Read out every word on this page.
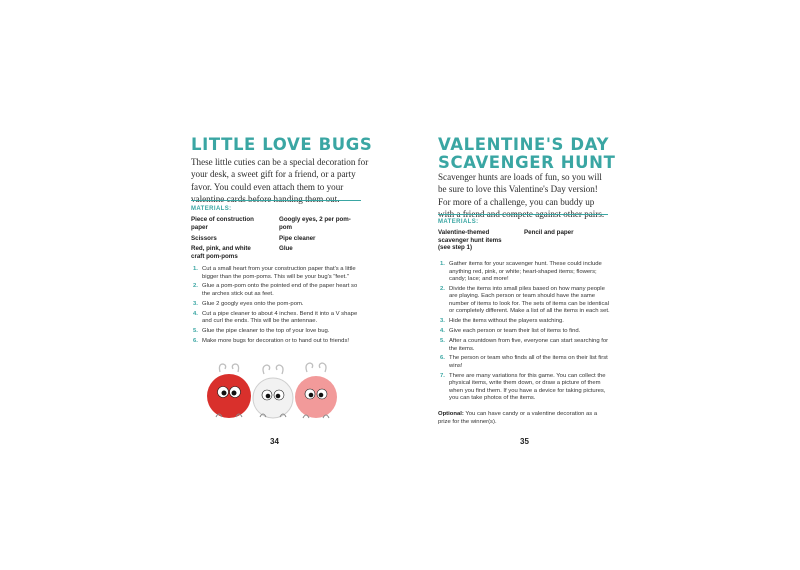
LITTLE LOVE BUGS

These little cuties can be a special decoration for your desk, a sweet gift for a friend, or a party favor. You could even attach them to your valentine cards before handing them out.

MATERIALS:
Piece of construction paper
Googly eyes, 2 per pom-pom
Scissors	Pipe cleaner
Red, pink, and white craft pom-poms
Glue
1. Cut a small heart from your construction paper that's a little bigger than the pom-poms. This will be your bug's "feet."
2. Glue a pom-pom onto the pointed end of the paper heart so the arches stick out as feet.
3. Glue 2 googly eyes onto the pom-pom.
4. Cut a pipe cleaner to about 4 inches. Bend it into a V shape and curl the ends. This will be the antennae.
5. Glue the pipe cleaner to the top of your love bug.
6. Make more bugs for decoration or to hand out to friends!
34
VALENTINE'S DAY
SCAVENGER HUNT

Scavenger hunts are loads of fun, so you will be sure to love this Valentine's Day version! For more of a challenge, you can buddy up with a friend and compete against other pairs.

MATERIALS:
Valentine-themed scavenger hunt items (see step 1)
Pencil and paper
1. Gather items for your scavenger hunt. These could include anything red, pink, or white; heart-shaped items; flowers; candy; lace; and more!
2. Divide the items into small piles based on how many people are playing. Each person or team should have the same number of items to look for. The sets of items can be identical or completely different. Make a list of all the items in each set.
3. Hide the items without the players watching.
4. Give each person or team their list of items to find.
5. After a countdown from five, everyone can start searching for the items.
6. The person or team who finds all of the items on their list first wins!
7. There are many variations for this game. You can collect the physical items, write them down, or draw a picture of them when you find them. If you have a device for taking pictures, you can take photos of the items.

Optional: You can have candy or a valentine decoration as a prize for the winner(s).

35
